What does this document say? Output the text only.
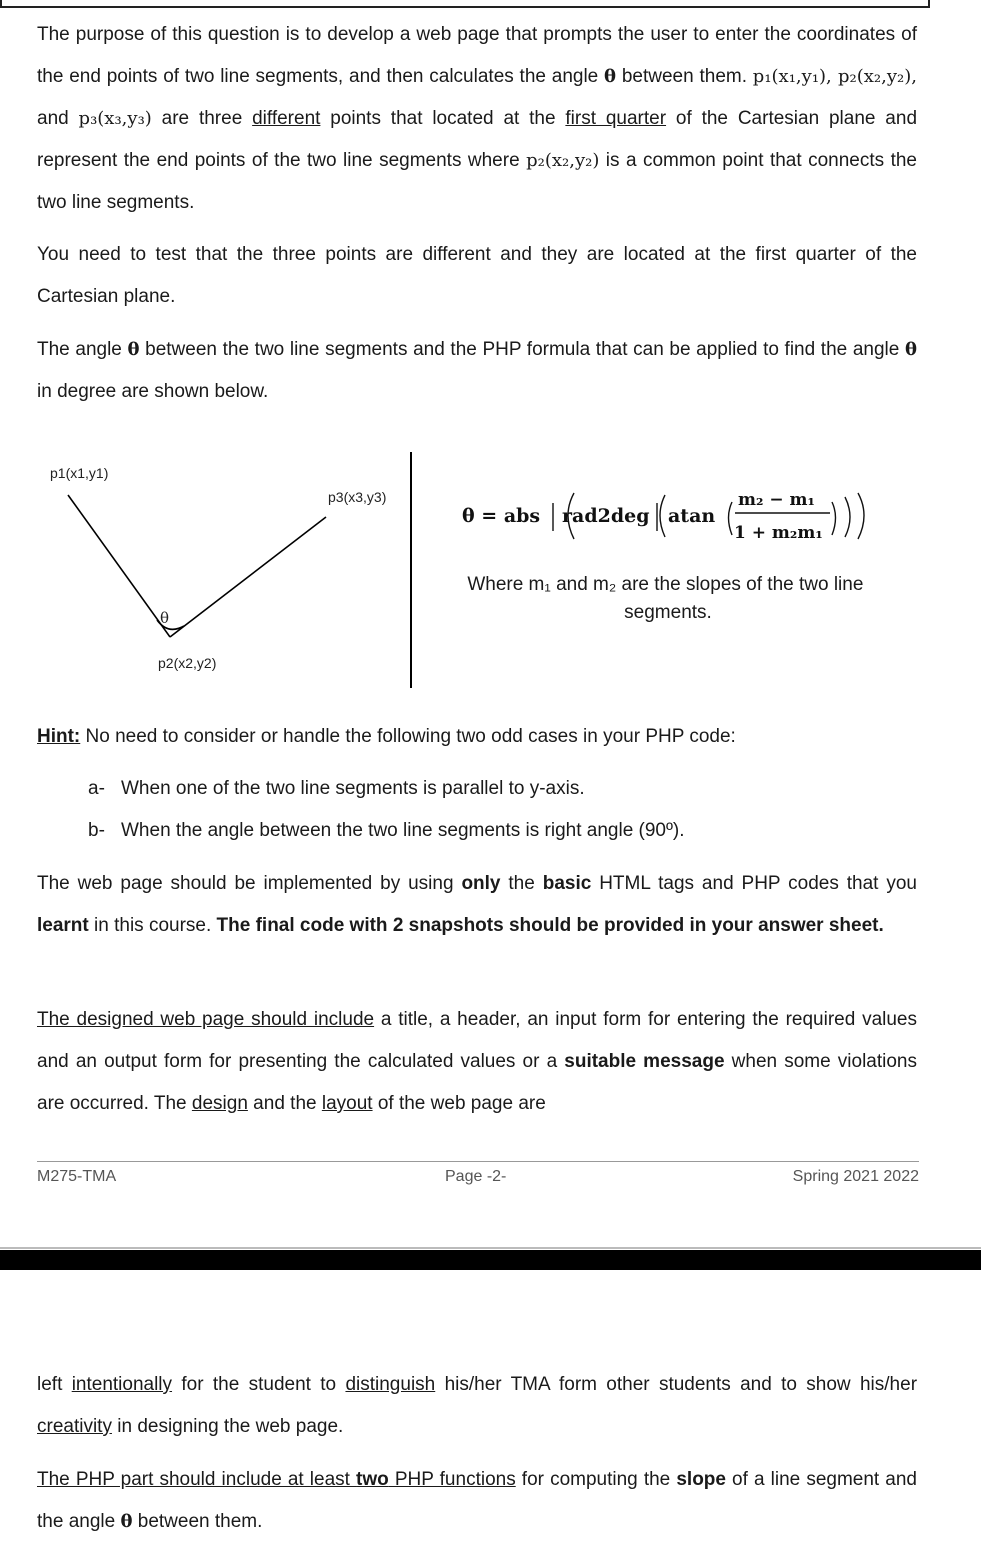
The purpose of this question is to develop a web page that prompts the user to enter the coordinates of the end points of two line segments, and then calculates the angle θ between them. p₁(x₁,y₁), p₂(x₂,y₂), and p₃(x₃,y₃) are three different points that located at the first quarter of the Cartesian plane and represent the end points of the two line segments where p₂(x₂,y₂) is a common point that connects the two line segments.

You need to test that the three points are different and they are located at the first quarter of the Cartesian plane.

The angle θ between the two line segments and the PHP formula that can be applied to find the angle θ in degree are shown below.

p1(x1,y1)
p3(x3,y3)
θ
p2(x2,y2)
θ = abs rad2deg atan
m₂ − m₁
1 + m₂m₁
Where m₁ and m₂ are the slopes of the two line segments.

Hint: No need to consider or handle the following two odd cases in your PHP code:

a- When one of the two line segments is parallel to y-axis.
b- When the angle between the two line segments is right angle (90º).

The web page should be implemented by using only the basic HTML tags and PHP codes that you learnt in this course. The final code with 2 snapshots should be provided in your answer sheet.

The designed web page should include a title, a header, an input form for entering the required values and an output form for presenting the calculated values or a suitable message when some violations are occurred. The design and the layout of the web page are

M275-TMA	Page -2-	Spring 2021 2022

left intentionally for the student to distinguish his/her TMA form other students and to show his/her creativity in designing the web page.

The PHP part should include at least two PHP functions for computing the slope of a line segment and the angle θ between them.
